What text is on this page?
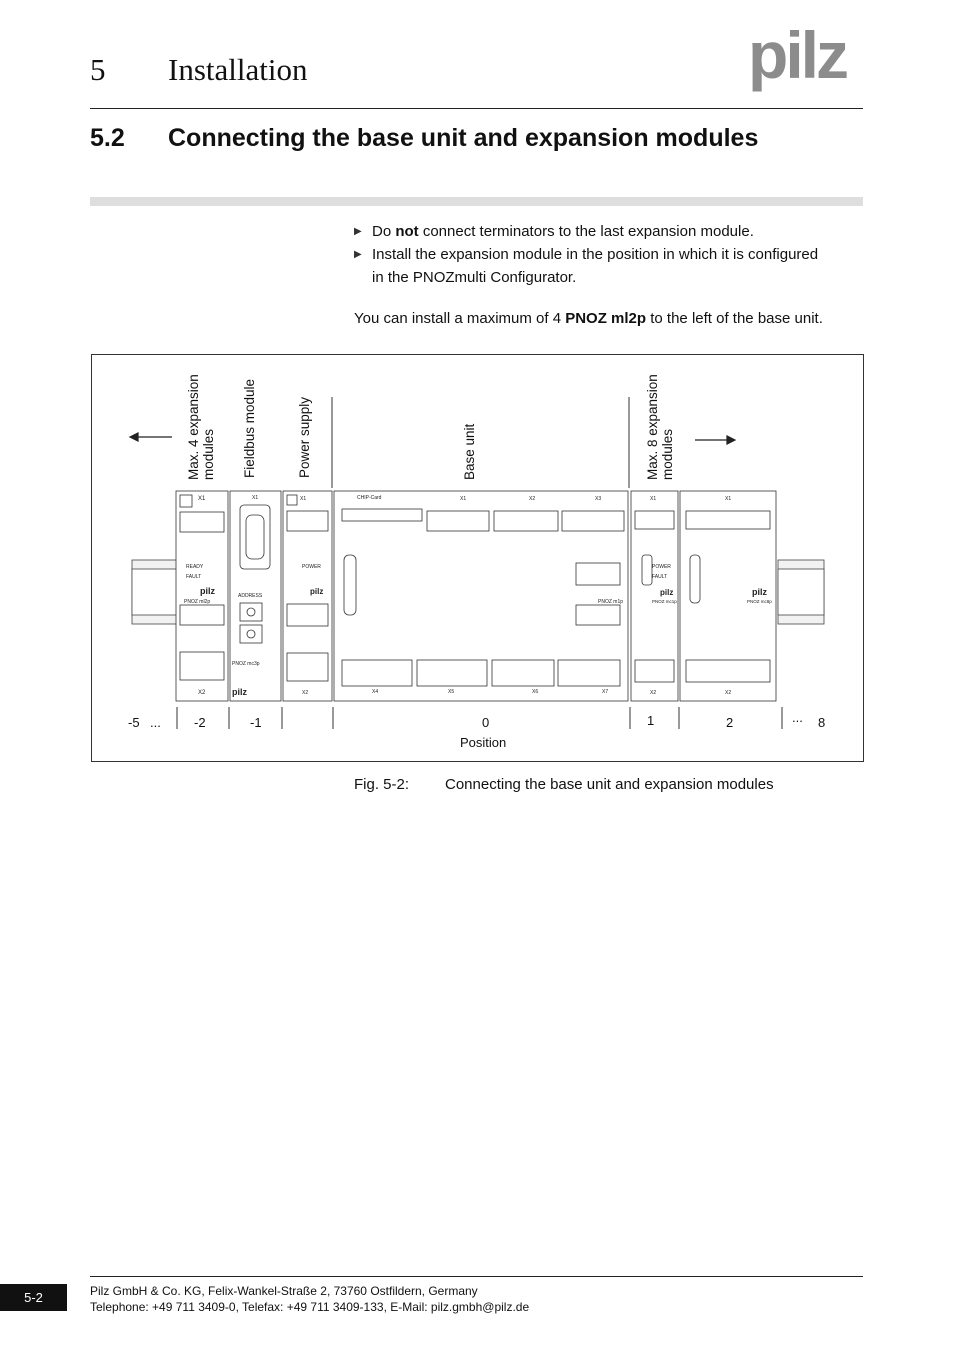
5 Installation	pilz
5.2 Connecting the base unit and expansion modules
▶ Do not connect terminators to the last expansion module.
▶ Install the expansion module in the position in which it is configured
in the PNOZmulti Configurator.
You can install a maximum of 4 PNOZ ml2p to the left of the base unit.
Max. 4 expansion
modules Fieldbus module	Power supply	Base unit	Max. 8 expansion
modules
X1
READY
FAULT
pilz
PNOZ ml2p
X2
X1
ADDRESS
PNOZ mc3p
pilz
X1
POWER
pilz
X2
CHIP-Card	X1	X2	X3
PNOZ m1p
X4	X5	X6	X7
X1
POWER
FAULT
pilz
PNOZ mc1p
X2
X1
pilz
PNOZ mc8p
X2
-5 ...	-2	-1	0	1	2	... 8
Position
Fig. 5-2: Connecting the base unit and expansion modules
5-2	Pilz GmbH & Co. KG, Felix-Wankel-Straße 2, 73760 Ostfildern, Germany
Telephone: +49 711 3409-0, Telefax: +49 711 3409-133, E-Mail: pilz.gmbh@pilz.de
